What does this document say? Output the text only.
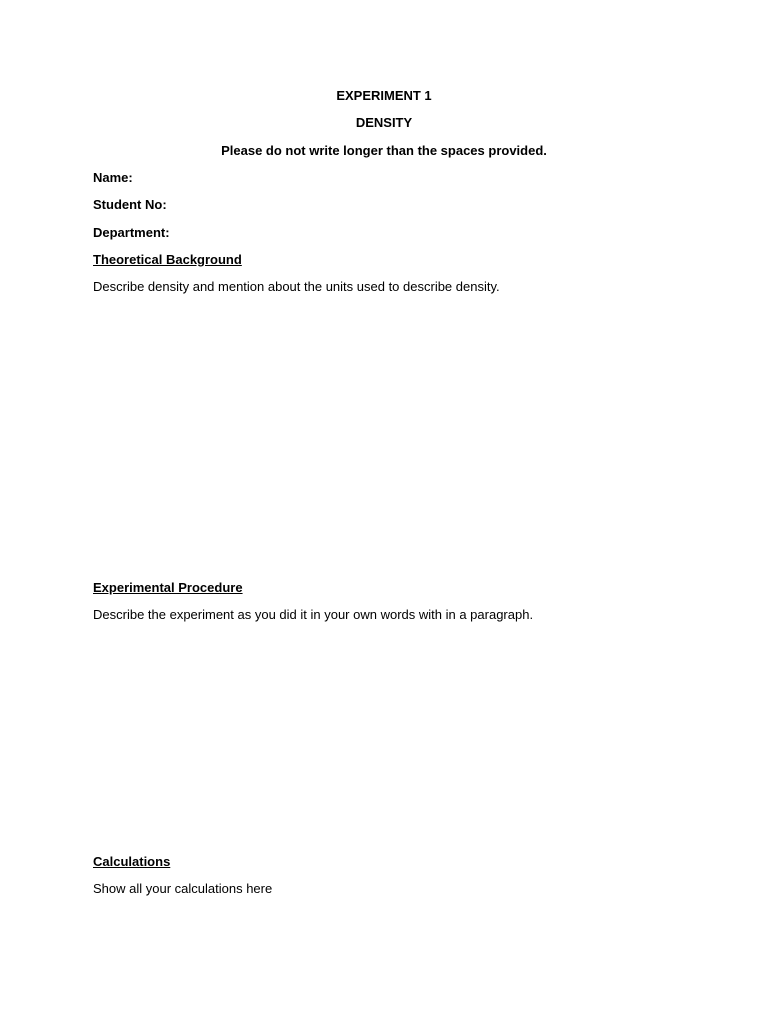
EXPERIMENT 1
DENSITY
Please do not write longer than the spaces provided.
Name:
Student No:
Department:
Theoretical Background
Describe density and mention about the units used to describe density.
Experimental Procedure
Describe the experiment as you did it in your own words with in a paragraph.
Calculations
Show all your calculations here
